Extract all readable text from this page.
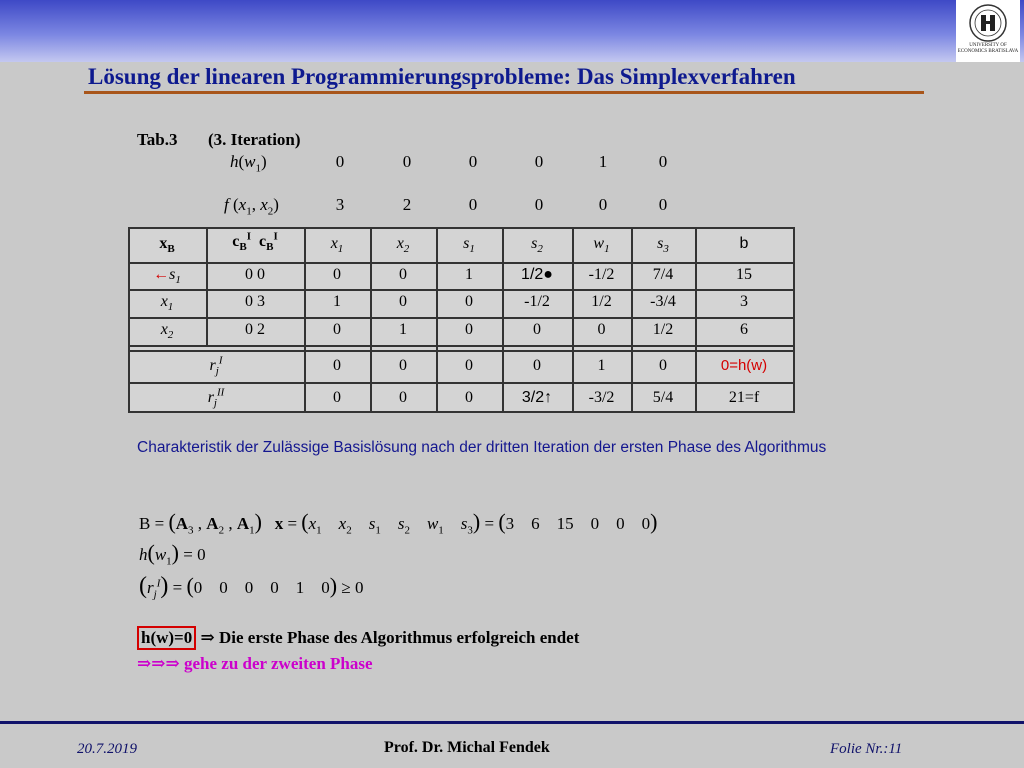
UNIVERSITY OF ECONOMICS BRATISLAVA
Lösung der linearen Programmierungsprobleme: Das Simplexverfahren
Tab.3 (3. Iteration)
$h(w_1)$	0	0	0	0	1	0
f ($x_1$, $x_2$)	3	2	0	0	0	0
$x_B$	$c_B^I$  $c_B^I$	$x_1$	$x_2$	$s_1$	$s_2$	$w_1$	$s_3$	b
$\leftarrow s_1$	0 0	0	0	1	1/2●	-1/2	7/4	15
$x_1$	0 3	1	0	0	-1/2	1/2	-3/4	3
$x_2$	0 2	0	1	0	0	0	1/2	6
$r_j^I$	0	0	0	0	1	0	0=h(w)
$r_j^{II}$	0	0	0	3/2↑	-3/2	5/4	21=f
Charakteristik der Zulässige Basislösung nach der dritten Iteration der ersten Phase des Algorithmus
$B = (A_3$ , $A_2$ , $A_1$) $x = (x_1$ $x_2$ $s_1$ $s_2$ $w_1$ $s_3) = (3$    6    15    0    0    0)
$h(w_1) = 0$
$(r_j^I) = (0$    0    0    0    1    0) ≥ 0
h(w)=0 ⇒ Die erste Phase des Algorithmus erfolgreich endet
⇒⇒⇒ gehe zu der zweiten Phase
20.7.2019	Prof. Dr. Michal Fendek	Folie Nr.:11
